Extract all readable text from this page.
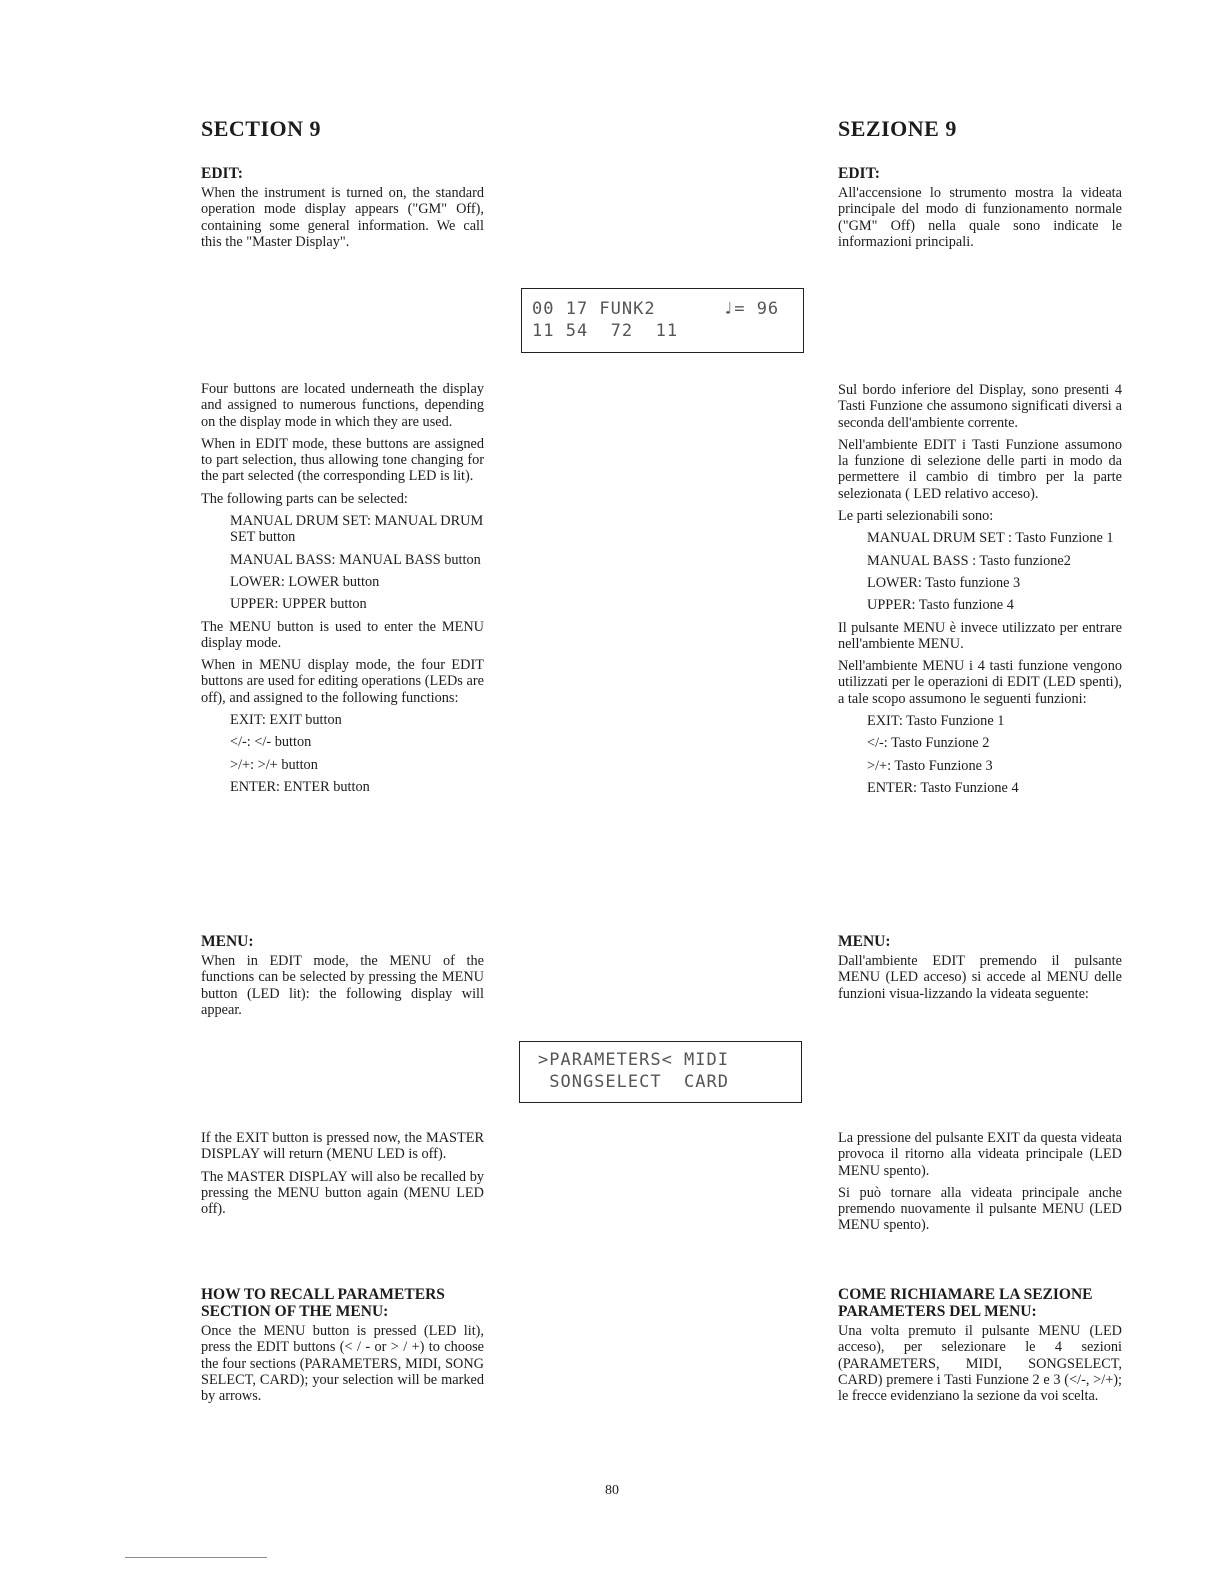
SECTION 9	SEZIONE 9
EDIT:

When the instrument is turned on, the standard operation mode display appears ("GM" Off), containing some general information. We call this the "Master Display".

EDIT:

All'accensione lo strumento mostra la videata principale del modo di funzionamento normale ("GM" Off) nella quale sono indicate le informazioni principali.

00 17 FUNK2      ♩= 96
11 54  72  11

Four buttons are located underneath the display and assigned to numerous functions, depending on the display mode in which they are used.

When in EDIT mode, these buttons are assigned to part selection, thus allowing tone changing for the part selected (the corresponding LED is lit).

The following parts can be selected:

MANUAL DRUM SET: MANUAL DRUM SET button

MANUAL BASS: MANUAL BASS button

LOWER: LOWER button

UPPER: UPPER button

The MENU button is used to enter the MENU display mode.

When in MENU display mode, the four EDIT buttons are used for editing operations (LEDs are off), and assigned to the following functions:

EXIT: EXIT button

</-: </- button

>/+: >/+ button

ENTER: ENTER button

Sul bordo inferiore del Display, sono presenti 4 Tasti Funzione che assumono significati diversi a seconda dell'ambiente corrente.

Nell'ambiente EDIT i Tasti Funzione assumono la funzione di selezione delle parti in modo da permettere il cambio di timbro per la parte selezionata ( LED relativo acceso).

Le parti selezionabili sono:

MANUAL DRUM SET : Tasto Funzione 1

MANUAL BASS : Tasto funzione2

LOWER: Tasto funzione 3

UPPER: Tasto funzione 4

Il pulsante MENU è invece utilizzato per entrare nell'ambiente MENU.

Nell'ambiente MENU i 4 tasti funzione vengono utilizzati per le operazioni di EDIT (LED spenti), a tale scopo assumono le seguenti funzioni:

EXIT: Tasto Funzione 1

</-: Tasto Funzione 2

>/+: Tasto Funzione 3

ENTER: Tasto Funzione 4

MENU:

When in EDIT mode, the MENU of the functions can be selected by pressing the MENU button (LED lit): the following display will appear.

MENU:

Dall'ambiente EDIT premendo il pulsante MENU (LED acceso) si accede al MENU delle funzioni visua-lizzando la videata seguente:

>PARAMETERS< MIDI
SONGSELECT  CARD

If the EXIT button is pressed now, the MASTER DISPLAY will return (MENU LED is off).

The MASTER DISPLAY will also be recalled by pressing the MENU button again (MENU LED off).

La pressione del pulsante EXIT da questa videata provoca il ritorno alla videata principale (LED MENU spento).

Si può tornare alla videata principale anche premendo nuovamente il pulsante MENU (LED MENU spento).

HOW TO RECALL PARAMETERS SECTION OF THE MENU:

Once the MENU button is pressed (LED lit), press the EDIT buttons (< / - or > / +) to choose the four sections (PARAMETERS, MIDI, SONG SELECT, CARD); your selection will be marked by arrows.

COME RICHIAMARE LA SEZIONE PARAMETERS DEL MENU:

Una volta premuto il pulsante MENU (LED acceso), per selezionare le 4 sezioni (PARAMETERS, MIDI, SONGSELECT, CARD) premere i Tasti Funzione 2 e 3 (</-, >/+); le frecce evidenziano la sezione da voi scelta.

80
